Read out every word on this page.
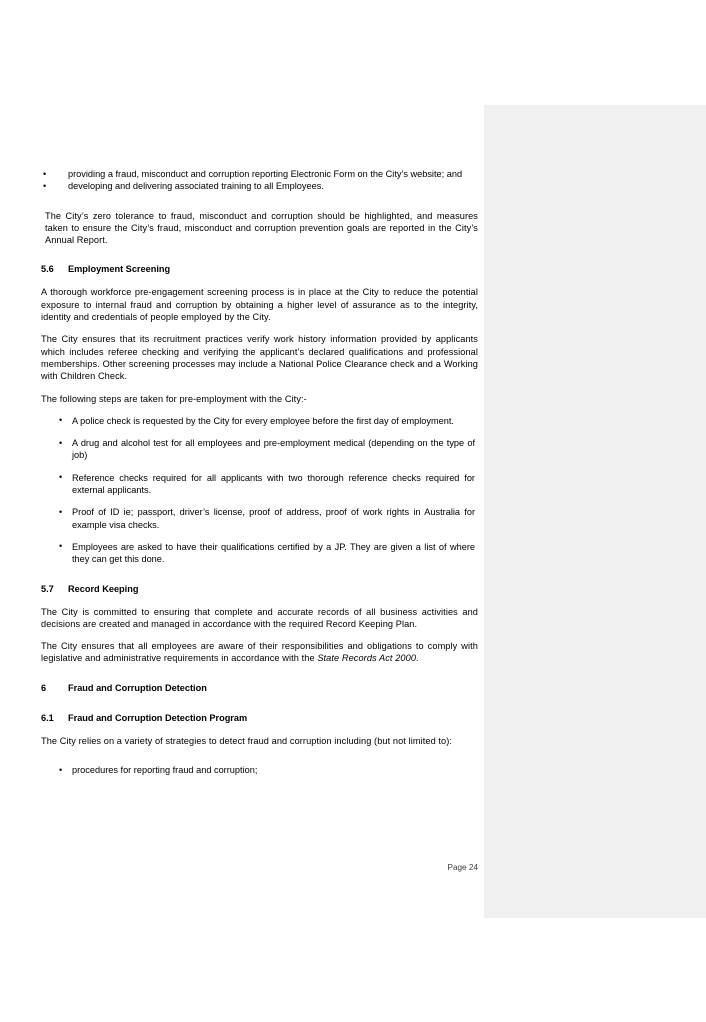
• providing a fraud, misconduct and corruption reporting Electronic Form on the City’s website; and
• developing and delivering associated training to all Employees.

The City’s zero tolerance to fraud, misconduct and corruption should be highlighted, and measures taken to ensure the City’s fraud, misconduct and corruption prevention goals are reported in the City’s Annual Report.

5.6	Employment Screening

A thorough workforce pre-engagement screening process is in place at the City to reduce the potential exposure to internal fraud and corruption by obtaining a higher level of assurance as to the integrity, identity and credentials of people employed by the City.

The City ensures that its recruitment practices verify work history information provided by applicants which includes referee checking and verifying the applicant’s declared qualifications and professional memberships. Other screening processes may include a National Police Clearance check and a Working with Children Check.

The following steps are taken for pre-employment with the City:-

• A police check is requested by the City for every employee before the first day of employment.
• A drug and alcohol test for all employees and pre-employment medical (depending on the type of job)
• Reference checks required for all applicants with two thorough reference checks required for external applicants.
• Proof of ID ie; passport, driver’s license, proof of address, proof of work rights in Australia for example visa checks.
• Employees are asked to have their qualifications certified by a JP. They are given a list of where they can get this done.
5.7	Record Keeping

The City is committed to ensuring that complete and accurate records of all business activities and decisions are created and managed in accordance with the required Record Keeping Plan.

The City ensures that all employees are aware of their responsibilities and obligations to comply with legislative and administrative requirements in accordance with the State Records Act 2000.

6	Fraud and Corruption Detection
6.1	Fraud and Corruption Detection Program

The City relies on a variety of strategies to detect fraud and corruption including (but not limited to):

• procedures for reporting fraud and corruption;
Page 24
